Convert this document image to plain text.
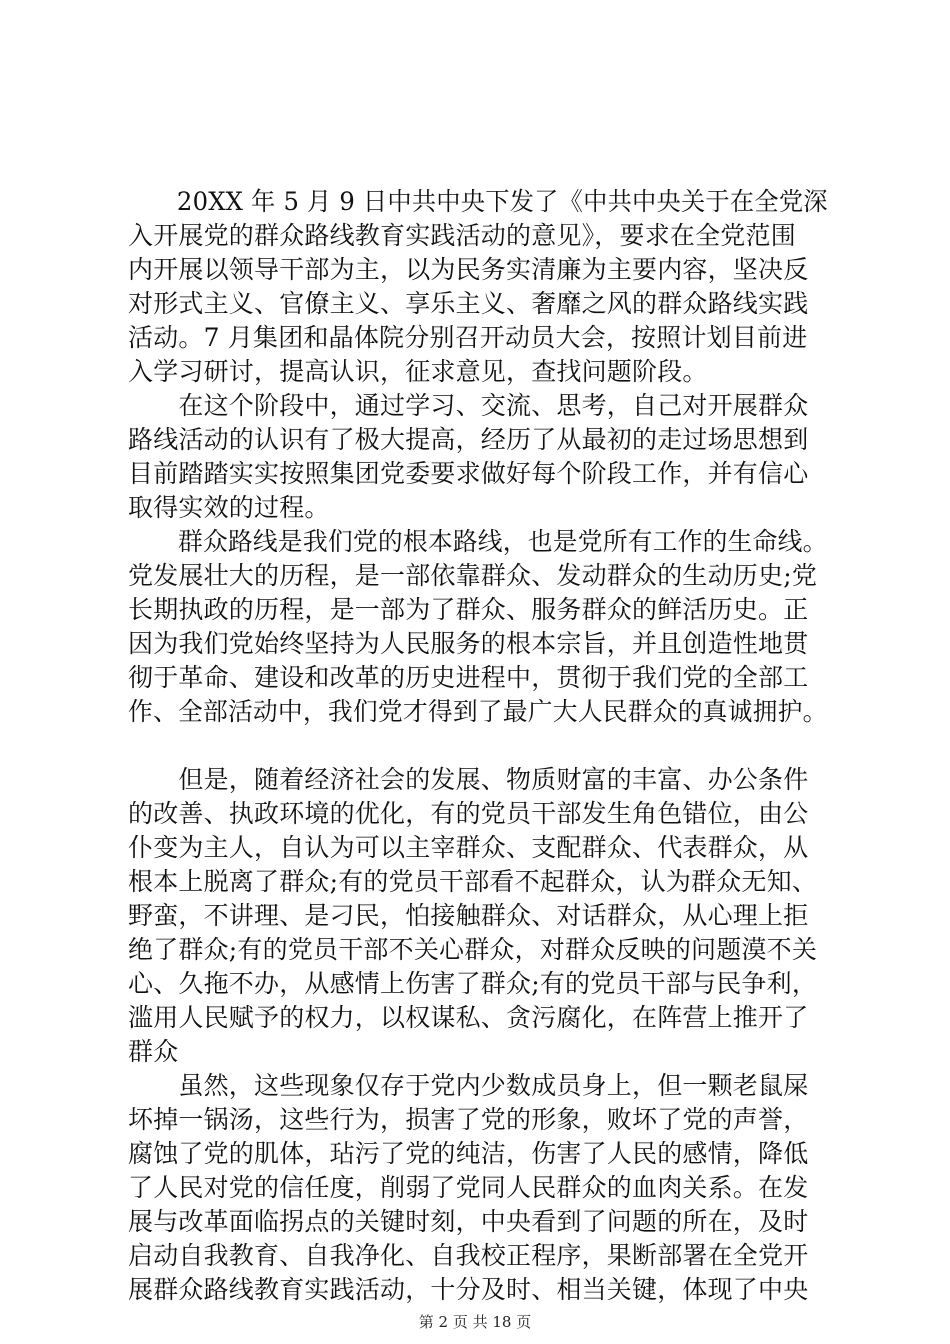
　　20XX 年 5 月 9 日中共中央下发了《中共中央关于在全党深
入开展党的群众路线教育实践活动的意见》，要求在全党范围
内开展以领导干部为主，以为民务实清廉为主要内容，坚决反
对形式主义、官僚主义、享乐主义、奢靡之风的群众路线实践
活动。7 月集团和晶体院分别召开动员大会，按照计划目前进
入学习研讨，提高认识，征求意见，查找问题阶段。
　　在这个阶段中，通过学习、交流、思考，自己对开展群众
路线活动的认识有了极大提高，经历了从最初的走过场思想到
目前踏踏实实按照集团党委要求做好每个阶段工作，并有信心
取得实效的过程。
　　群众路线是我们党的根本路线，也是党所有工作的生命线。
党发展壮大的历程，是一部依靠群众、发动群众的生动历史;党
长期执政的历程，是一部为了群众、服务群众的鲜活历史。正
因为我们党始终坚持为人民服务的根本宗旨，并且创造性地贯
彻于革命、建设和改革的历史进程中，贯彻于我们党的全部工
作、全部活动中，我们党才得到了最广大人民群众的真诚拥护。
　　但是，随着经济社会的发展、物质财富的丰富、办公条件
的改善、执政环境的优化，有的党员干部发生角色错位，由公
仆变为主人，自认为可以主宰群众、支配群众、代表群众，从
根本上脱离了群众;有的党员干部看不起群众，认为群众无知、
野蛮，不讲理、是刁民，怕接触群众、对话群众，从心理上拒
绝了群众;有的党员干部不关心群众，对群众反映的问题漠不关
心、久拖不办，从感情上伤害了群众;有的党员干部与民争利，
滥用人民赋予的权力，以权谋私、贪污腐化，在阵营上推开了
群众
　　虽然，这些现象仅存于党内少数成员身上，但一颗老鼠屎
坏掉一锅汤，这些行为，损害了党的形象，败坏了党的声誉，
腐蚀了党的肌体，玷污了党的纯洁，伤害了人民的感情，降低
了人民对党的信任度，削弱了党同人民群众的血肉关系。在发
展与改革面临拐点的关键时刻，中央看到了问题的所在，及时
启动自我教育、自我净化、自我校正程序，果断部署在全党开
展群众路线教育实践活动，十分及时、相当关键，体现了中央
第 2 页 共 18 页
